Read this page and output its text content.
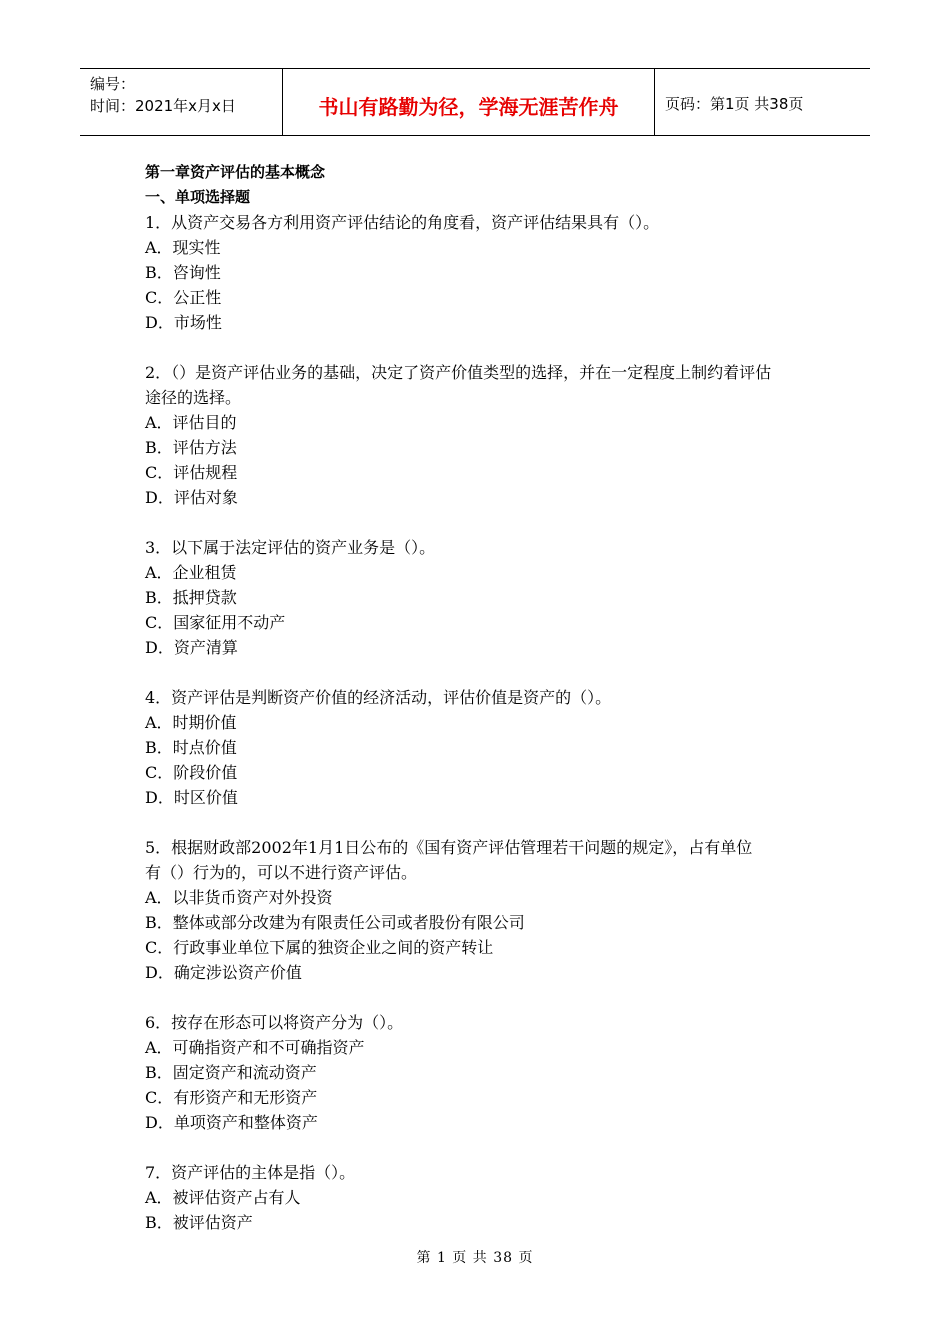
编号：
时间：2021年x月x日	书山有路勤为径，学海无涯苦作舟	页码：第1页 共38页
第一章资产评估的基本概念
一、单项选择题
1．从资产交易各方利用资产评估结论的角度看，资产评估结果具有（）。
A．现实性
B．咨询性
C．公正性
D．市场性
2．（）是资产评估业务的基础，决定了资产价值类型的选择，并在一定程度上制约着评估
途径的选择。
A．评估目的
B．评估方法
C．评估规程
D．评估对象
3．以下属于法定评估的资产业务是（）。
A．企业租赁
B．抵押贷款
C．国家征用不动产
D．资产清算
4．资产评估是判断资产价值的经济活动，评估价值是资产的（）。
A．时期价值
B．时点价值
C．阶段价值
D．时区价值
5．根据财政部2002年1月1日公布的《国有资产评估管理若干问题的规定》，占有单位
有（）行为的，可以不进行资产评估。
A．以非货币资产对外投资
B．整体或部分改建为有限责任公司或者股份有限公司
C．行政事业单位下属的独资企业之间的资产转让
D．确定涉讼资产价值
6．按存在形态可以将资产分为（）。
A．可确指资产和不可确指资产
B．固定资产和流动资产
C．有形资产和无形资产
D．单项资产和整体资产
7．资产评估的主体是指（）。
A．被评估资产占有人
B．被评估资产
第 1 页 共 38 页
